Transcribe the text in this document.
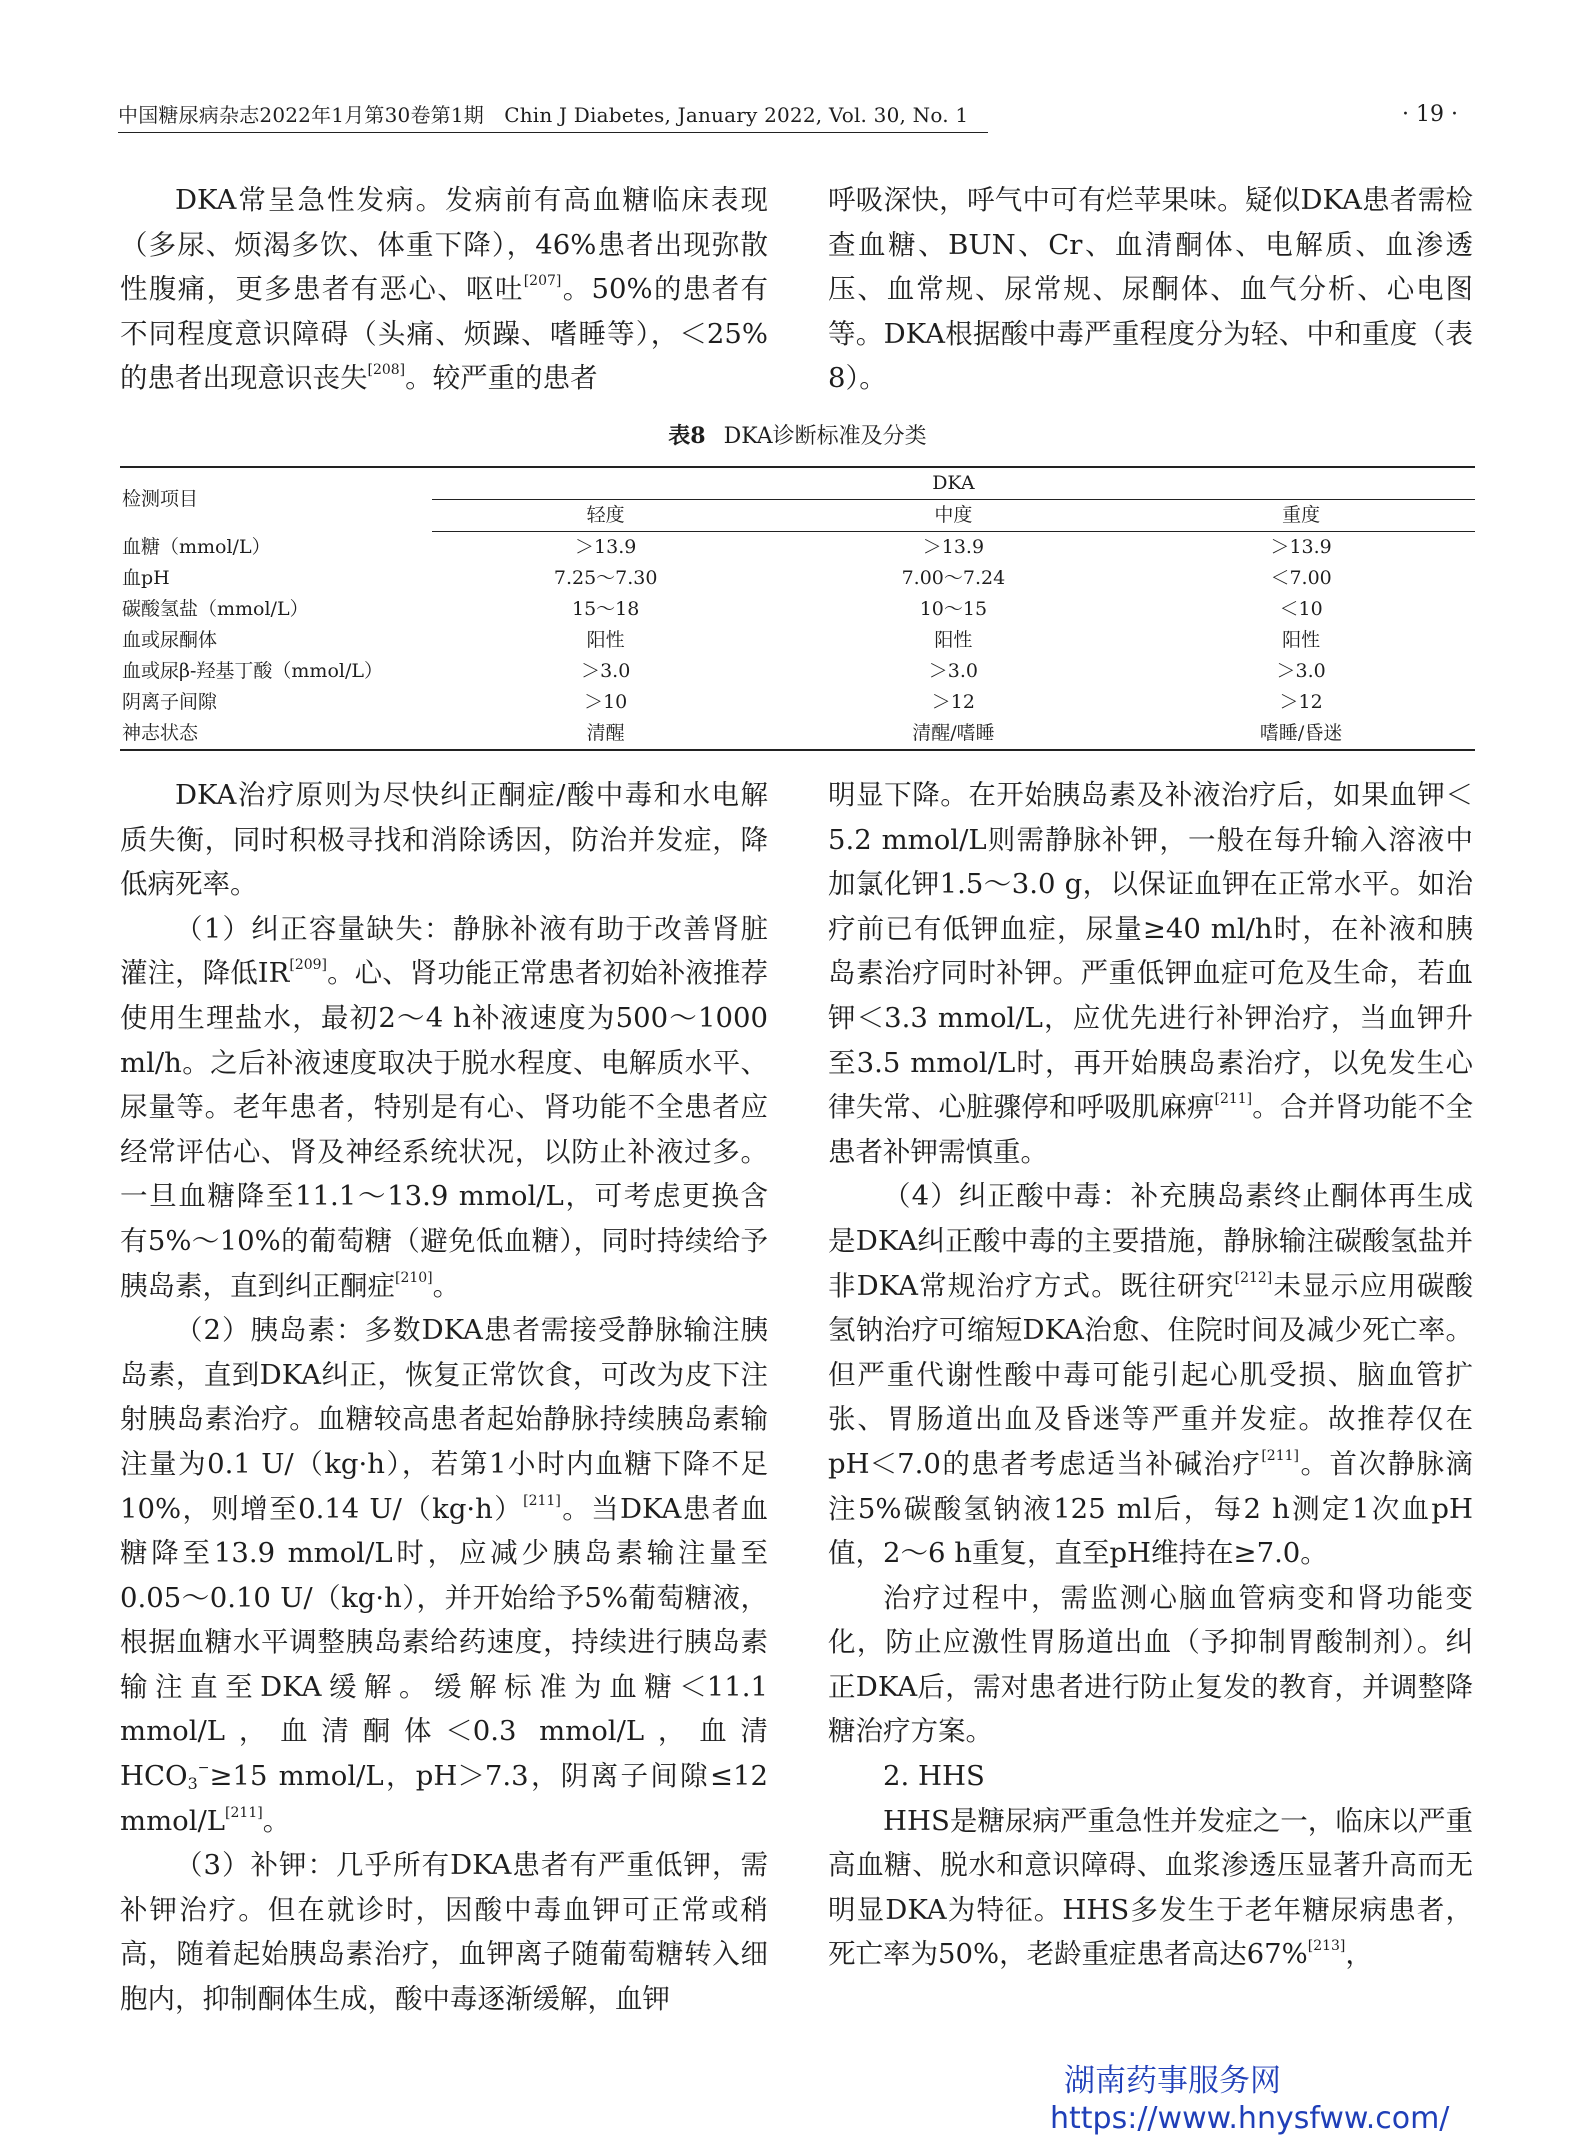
中国糖尿病杂志2022年1月第30卷第1期　Chin J Diabetes, January 2022, Vol. 30, No. 1	· 19 ·

DKA常呈急性发病。发病前有高血糖临床表现（多尿、烦渴多饮、体重下降），46%患者出现弥散性腹痛，更多患者有恶心、呕吐[207]。50%的患者有不同程度意识障碍（头痛、烦躁、嗜睡等），＜25%的患者出现意识丧失[208]。较严重的患者

呼吸深快，呼气中可有烂苹果味。疑似DKA患者需检查血糖、BUN、Cr、血清酮体、电解质、血渗透压、血常规、尿常规、尿酮体、血气分析、心电图等。DKA根据酸中毒严重程度分为轻、中和重度（表8）。

表8 DKA诊断标准及分类
检测项目	DKA		
	轻度	中度	重度
血糖（mmol/L）	＞13.9	＞13.9	＞13.9
血pH	7.25～7.30	7.00～7.24	＜7.00
碳酸氢盐（mmol/L）	15～18	10～15	＜10
血或尿酮体	阳性	阳性	阳性
血或尿β-羟基丁酸（mmol/L）	＞3.0	＞3.0	＞3.0
阴离子间隙	＞10	＞12	＞12
神志状态	清醒	清醒/嗜睡	嗜睡/昏迷

DKA治疗原则为尽快纠正酮症/酸中毒和水电解质失衡，同时积极寻找和消除诱因，防治并发症，降低病死率。

（1）纠正容量缺失：静脉补液有助于改善肾脏灌注，降低IR[209]。心、肾功能正常患者初始补液推荐使用生理盐水，最初2～4 h补液速度为500～1000 ml/h。之后补液速度取决于脱水程度、电解质水平、尿量等。老年患者，特别是有心、肾功能不全患者应经常评估心、肾及神经系统状况，以防止补液过多。一旦血糖降至11.1～13.9 mmol/L，可考虑更换含有5%～10%的葡萄糖（避免低血糖），同时持续给予胰岛素，直到纠正酮症[210]。

（2）胰岛素：多数DKA患者需接受静脉输注胰岛素，直到DKA纠正，恢复正常饮食，可改为皮下注射胰岛素治疗。血糖较高患者起始静脉持续胰岛素输注量为0.1 U/（kg·h），若第1小时内血糖下降不足10%，则增至0.14 U/（kg·h）[211]。当DKA患者血糖降至13.9 mmol/L时，应减少胰岛素输注量至0.05～0.10 U/（kg·h），并开始给予5%葡萄糖液，根据血糖水平调整胰岛素给药速度，持续进行胰岛素输注直至DKA缓解。缓解标准为血糖＜11.1 mmol/L，血清酮体＜0.3 mmol/L，血清$HCO_3^-\ge 15$ mmol/L，pH＞7.3，阴离子间隙≤12 mmol/L[211]。

（3）补钾：几乎所有DKA患者有严重低钾，需补钾治疗。但在就诊时，因酸中毒血钾可正常或稍高，随着起始胰岛素治疗，血钾离子随葡萄糖转入细胞内，抑制酮体生成，酸中毒逐渐缓解，血钾

明显下降。在开始胰岛素及补液治疗后，如果血钾＜5.2 mmol/L则需静脉补钾，一般在每升输入溶液中加氯化钾1.5～3.0 g，以保证血钾在正常水平。如治疗前已有低钾血症，尿量≥40 ml/h时，在补液和胰岛素治疗同时补钾。严重低钾血症可危及生命，若血钾＜3.3 mmol/L，应优先进行补钾治疗，当血钾升至3.5 mmol/L时，再开始胰岛素治疗，以免发生心律失常、心脏骤停和呼吸肌麻痹[211]。合并肾功能不全患者补钾需慎重。

（4）纠正酸中毒：补充胰岛素终止酮体再生成是DKA纠正酸中毒的主要措施，静脉输注碳酸氢盐并非DKA常规治疗方式。既往研究[212]未显示应用碳酸氢钠治疗可缩短DKA治愈、住院时间及减少死亡率。但严重代谢性酸中毒可能引起心肌受损、脑血管扩张、胃肠道出血及昏迷等严重并发症。故推荐仅在pH＜7.0的患者考虑适当补碱治疗[211]。首次静脉滴注5%碳酸氢钠液125 ml后，每2 h测定1次血pH值，2～6 h重复，直至pH维持在≥7.0。

治疗过程中，需监测心脑血管病变和肾功能变化，防止应激性胃肠道出血（予抑制胃酸制剂）。纠正DKA后，需对患者进行防止复发的教育，并调整降糖治疗方案。

2. HHS

HHS是糖尿病严重急性并发症之一，临床以严重高血糖、脱水和意识障碍、血浆渗透压显著升高而无明显DKA为特征。HHS多发生于老年糖尿病患者，死亡率为50%，老龄重症患者高达67%[213]，

湖南药事服务网
https://www.hnysfww.com/
